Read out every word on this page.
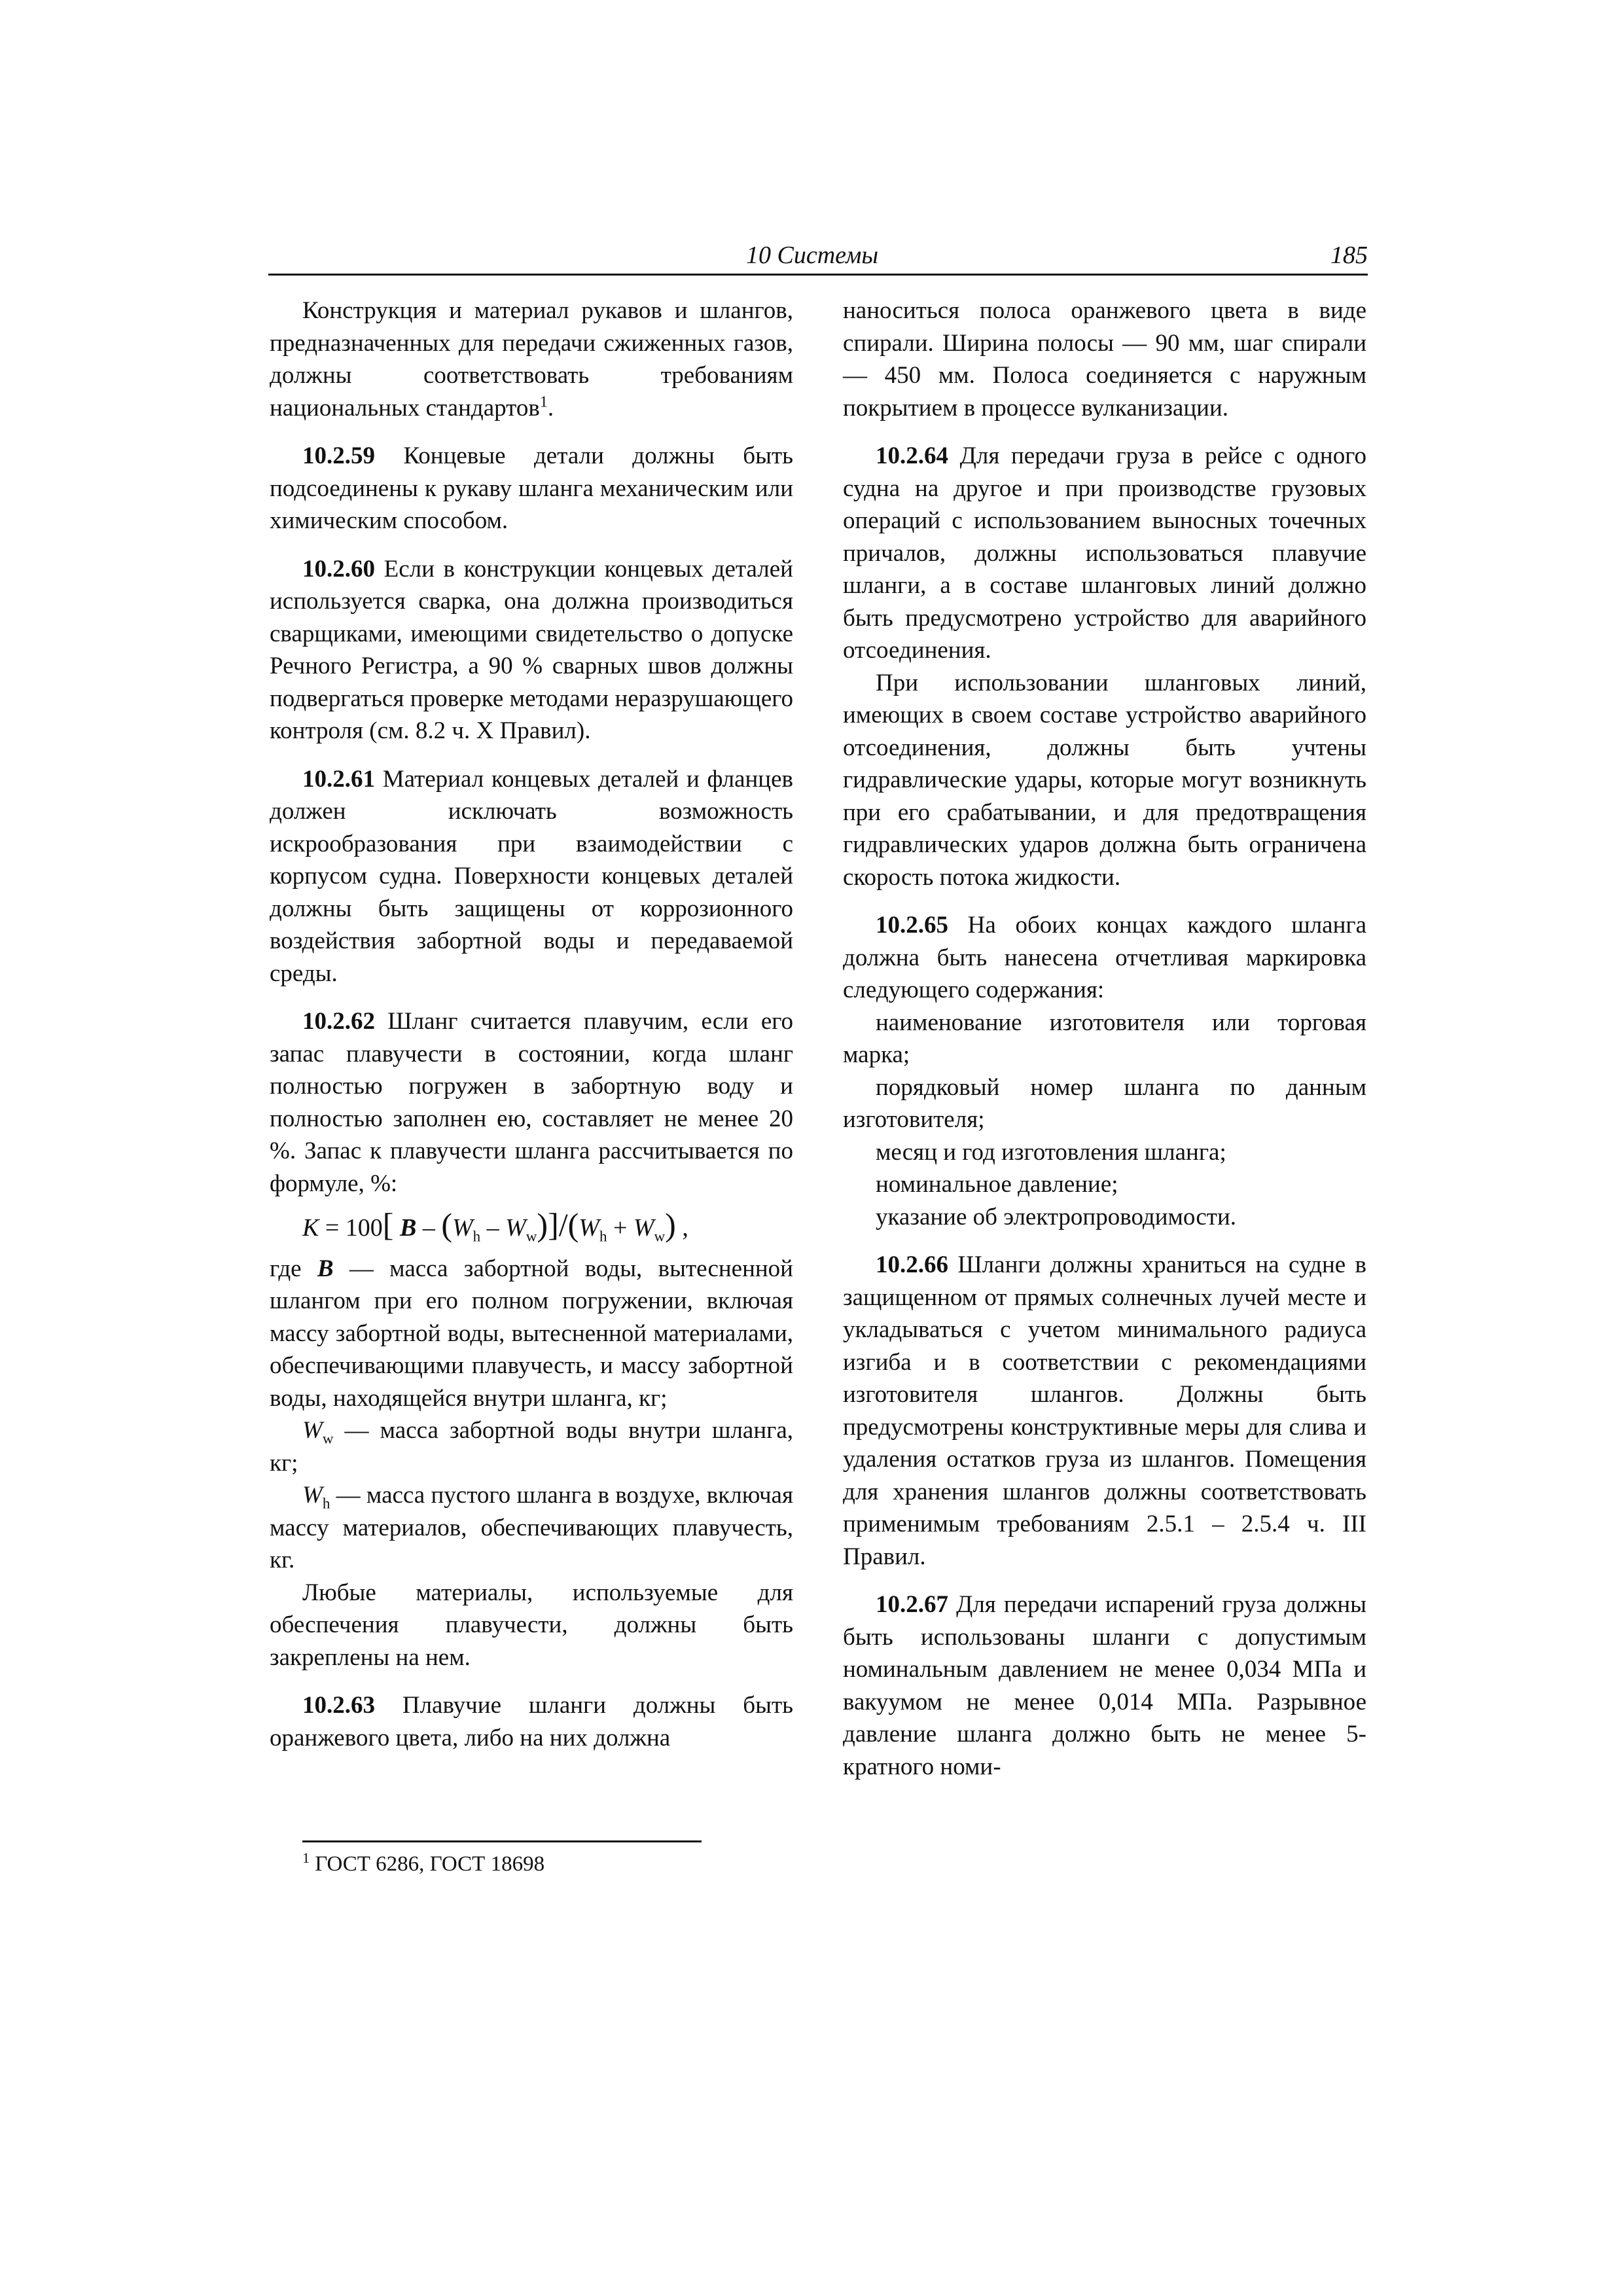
10 Системы	185

Конструкция и материал рукавов и шлангов, предназначенных для передачи сжиженных газов, должны соответствовать требованиям национальных стандартов$^1$.

10.2.59 Концевые детали должны быть подсоединены к рукаву шланга механическим или химическим способом.

10.2.60 Если в конструкции концевых деталей используется сварка, она должна производиться сварщиками, имеющими свидетельство о допуске Речного Регистра, а 90 % сварных швов должны подвергаться проверке методами неразрушающего контроля (см. 8.2 ч. X Правил).

10.2.61 Материал концевых деталей и фланцев должен исключать возможность искрообразования при взаимодействии с корпусом судна. Поверхности концевых деталей должны быть защищены от коррозионного воздействия забортной воды и передаваемой среды.

10.2.62 Шланг считается плавучим, если его запас плавучести в состоянии, когда шланг полностью погружен в забортную воду и полностью заполнен ею, составляет не менее 20 %. Запас к плавучести шланга рассчитывается по формуле, %:

K = 100[ $B - (W_h - W_w)]/(W_h + W_w)$ ,

где B — масса забортной воды, вытесненной шлангом при его полном погружении, включая массу забортной воды, вытесненной материалами, обеспечивающими плавучесть, и массу забортной воды, находящейся внутри шланга, кг;

$W_w$ — масса забортной воды внутри шланга, кг;

$W_h$ — масса пустого шланга в воздухе, включая массу материалов, обеспечивающих плавучесть, кг.

Любые материалы, используемые для обеспечения плавучести, должны быть закреплены на нем.

10.2.63 Плавучие шланги должны быть оранжевого цвета, либо на них должна

наноситься полоса оранжевого цвета в виде спирали. Ширина полосы — 90 мм, шаг спирали — 450 мм. Полоса соединяется с наружным покрытием в процессе вулканизации.

10.2.64 Для передачи груза в рейсе с одного судна на другое и при производстве грузовых операций с использованием выносных точечных причалов, должны использоваться плавучие шланги, а в составе шланговых линий должно быть предусмотрено устройство для аварийного отсоединения.

При использовании шланговых линий, имеющих в своем составе устройство аварийного отсоединения, должны быть учтены гидравлические удары, которые могут возникнуть при его срабатывании, и для предотвращения гидравлических ударов должна быть ограничена скорость потока жидкости.

10.2.65 На обоих концах каждого шланга должна быть нанесена отчетливая маркировка следующего содержания:

наименование изготовителя или торговая марка;

порядковый номер шланга по данным изготовителя;

месяц и год изготовления шланга;

номинальное давление;

указание об электропроводимости.

10.2.66 Шланги должны храниться на судне в защищенном от прямых солнечных лучей месте и укладываться с учетом минимального радиуса изгиба и в соответствии с рекомендациями изготовителя шлангов. Должны быть предусмотрены конструктивные меры для слива и удаления остатков груза из шлангов. Помещения для хранения шлангов должны соответствовать применимым требованиям 2.5.1 – 2.5.4 ч. III Правил.

10.2.67 Для передачи испарений груза должны быть использованы шланги с допустимым номинальным давлением не менее 0,034 МПа и вакуумом не менее 0,014 МПа. Разрывное давление шланга должно быть не менее 5-кратного номи-

$^1$ ГОСТ 6286, ГОСТ 18698
